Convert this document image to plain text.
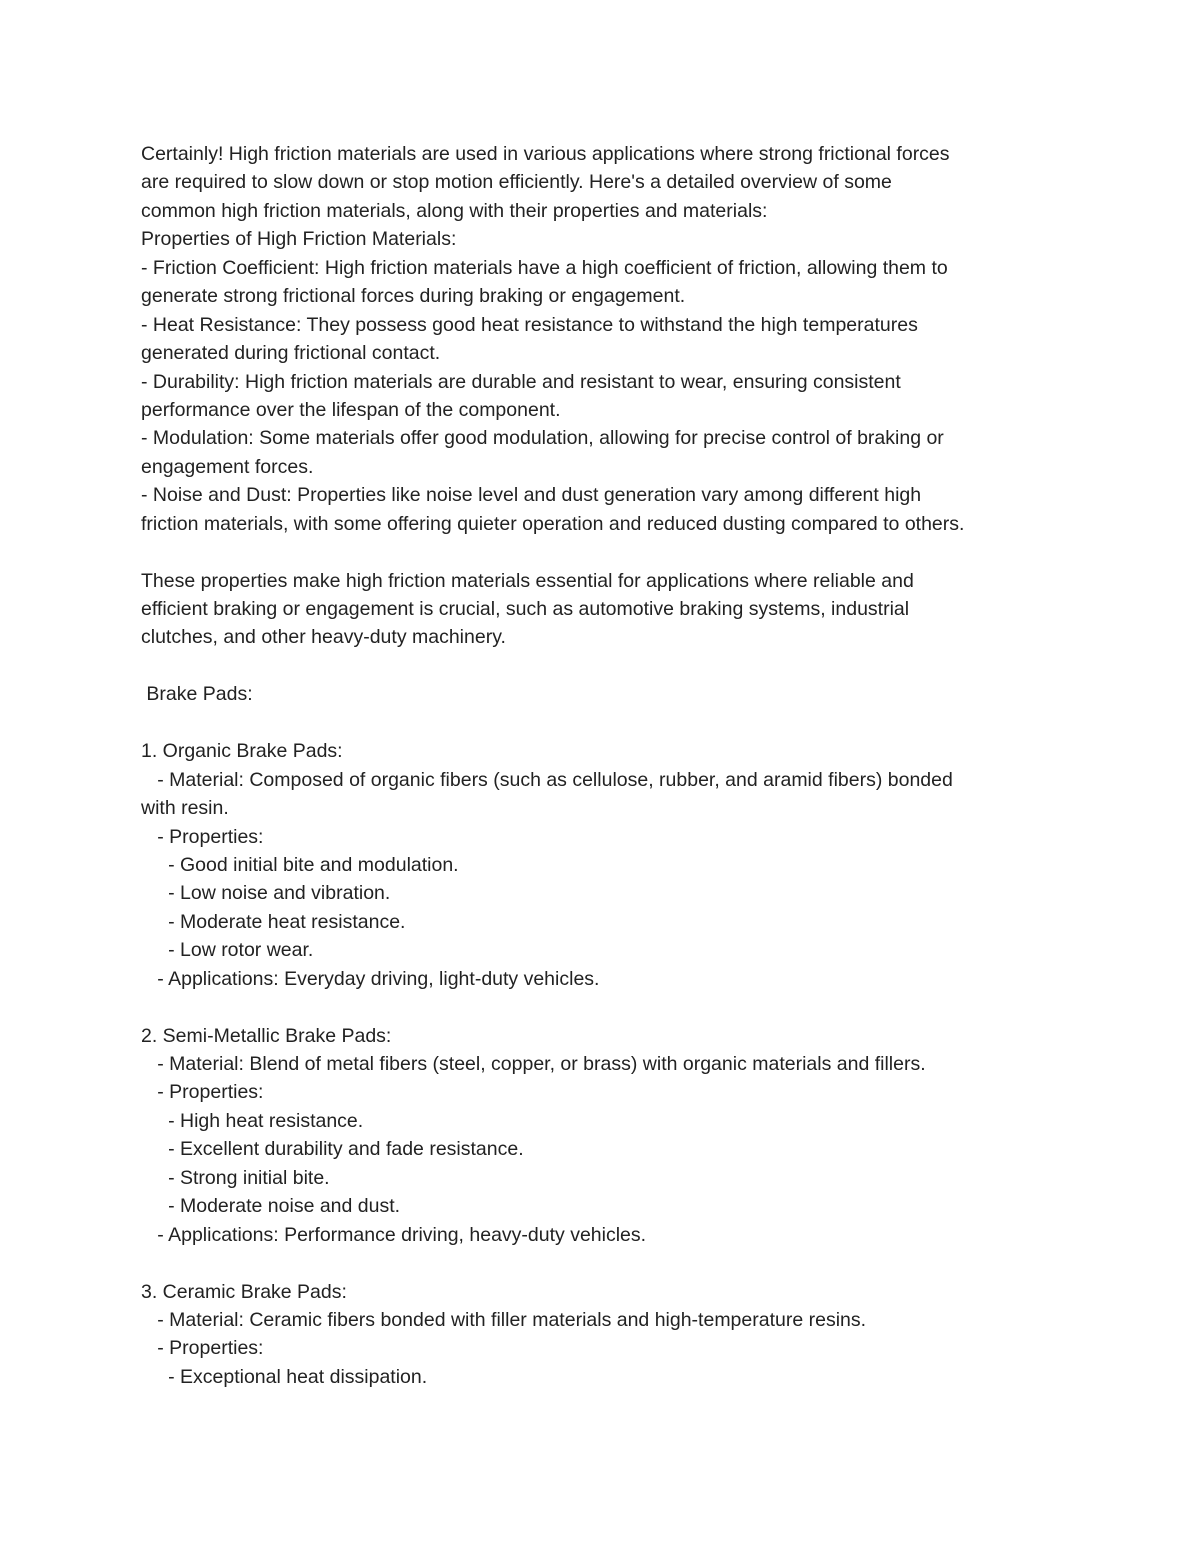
Certainly! High friction materials are used in various applications where strong frictional forces
are required to slow down or stop motion efficiently. Here's a detailed overview of some
common high friction materials, along with their properties and materials:
Properties of High Friction Materials:
- Friction Coefficient: High friction materials have a high coefficient of friction, allowing them to
generate strong frictional forces during braking or engagement.
- Heat Resistance: They possess good heat resistance to withstand the high temperatures
generated during frictional contact.
- Durability: High friction materials are durable and resistant to wear, ensuring consistent
performance over the lifespan of the component.
- Modulation: Some materials offer good modulation, allowing for precise control of braking or
engagement forces.
- Noise and Dust: Properties like noise level and dust generation vary among different high
friction materials, with some offering quieter operation and reduced dusting compared to others.
These properties make high friction materials essential for applications where reliable and
efficient braking or engagement is crucial, such as automotive braking systems, industrial
clutches, and other heavy-duty machinery.
Brake Pads:
1. Organic Brake Pads:
- Material: Composed of organic fibers (such as cellulose, rubber, and aramid fibers) bonded
with resin.
- Properties:
- Good initial bite and modulation.
- Low noise and vibration.
- Moderate heat resistance.
- Low rotor wear.
- Applications: Everyday driving, light-duty vehicles.
2. Semi-Metallic Brake Pads:
- Material: Blend of metal fibers (steel, copper, or brass) with organic materials and fillers.
- Properties:
- High heat resistance.
- Excellent durability and fade resistance.
- Strong initial bite.
- Moderate noise and dust.
- Applications: Performance driving, heavy-duty vehicles.
3. Ceramic Brake Pads:
- Material: Ceramic fibers bonded with filler materials and high-temperature resins.
- Properties:
- Exceptional heat dissipation.
